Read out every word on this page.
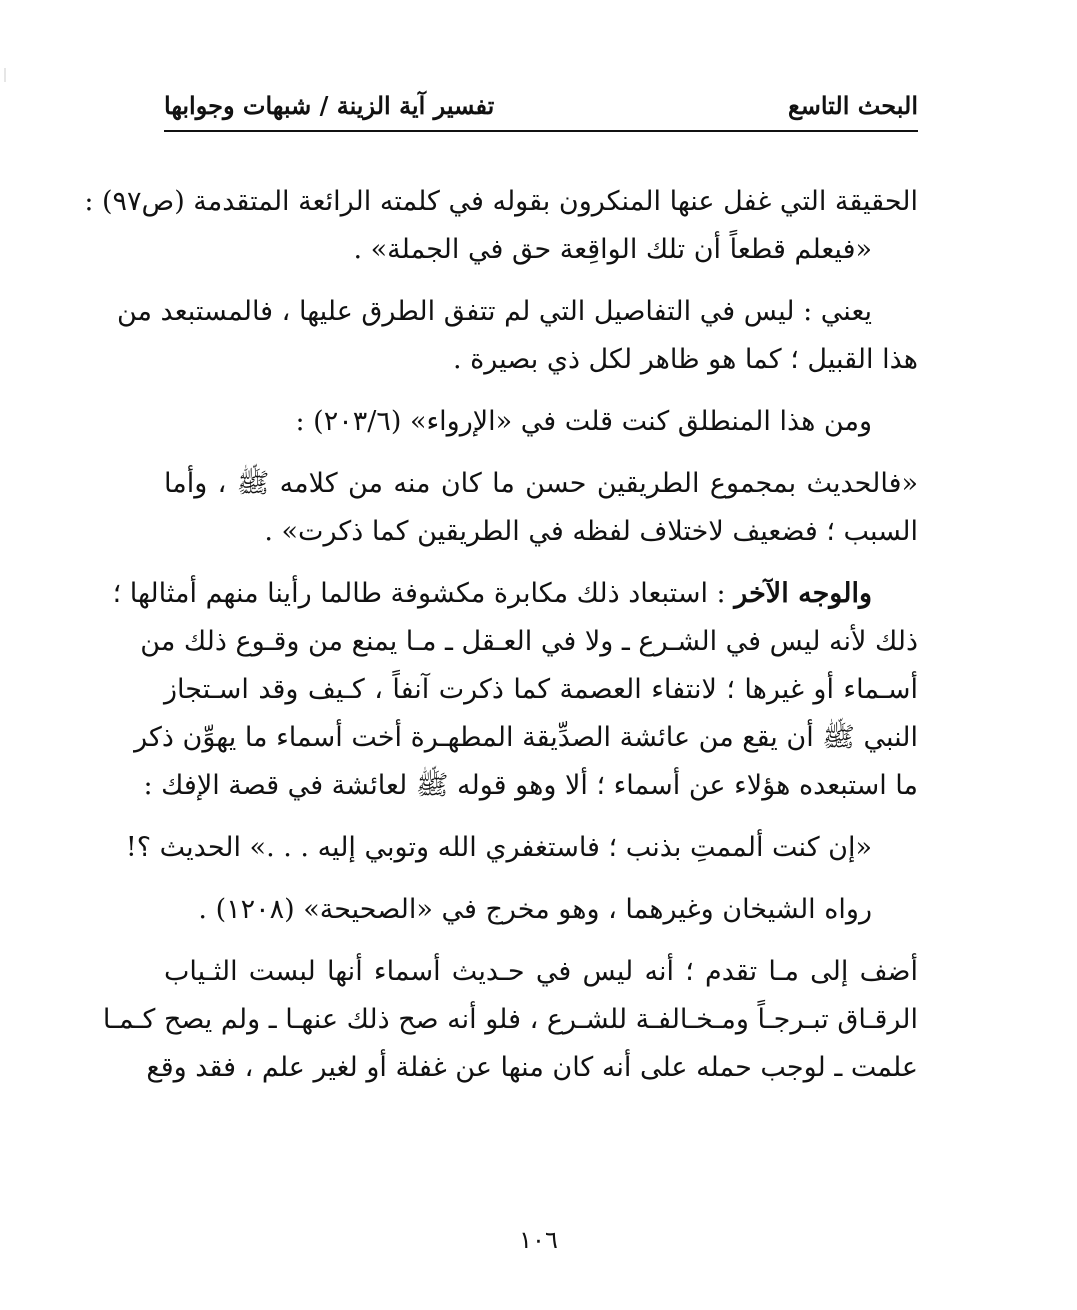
البحث التاسع
تفسير آية الزينة / شبهات وجوابها
الحقيقة التي غفل عنها المنكرون بقوله في كلمته الرائعة المتقدمة (ص٩٧) :
«فيعلم قطعاً أن تلك الواقِعة حق في الجملة» .
يعني : ليس في التفاصيل التي لم تتفق الطرق عليها ، فالمستبعد من
هذا القبيل ؛ كما هو ظاهر لكل ذي بصيرة .
ومن هذا المنطلق كنت قلت في «الإرواء» (٢٠٣/٦) :
«فالحديث بمجموع الطريقين حسن ما كان منه من كلامه ﷺ ، وأما
السبب ؛ فضعيف لاختلاف لفظه في الطريقين كما ذكرت» .
والوجه الآخر : استبعاد ذلك مكابرة مكشوفة طالما رأينا منهم أمثالها ؛
ذلك لأنه ليس في الشـرع ـ ولا في العـقل ـ مـا يمنع من وقـوع ذلك من
أسـماء أو غيرها ؛ لانتفاء العصمة كما ذكرت آنفاً ، كـيف وقد اسـتجاز
النبي ﷺ أن يقع من عائشة الصدِّيقة المطهـرة أخت أسماء ما يهوِّن ذكر
ما استبعده هؤلاء عن أسماء ؛ ألا وهو قوله ﷺ لعائشة في قصة الإفك :
«إن كنت ألممتِ بذنب ؛ فاستغفري الله وتوبي إليه . . .» الحديث ؟!
رواه الشيخان وغيرهما ، وهو مخرج في «الصحيحة» (١٢٠٨) .
أضف إلى مـا تقدم ؛ أنه ليس في حـديث أسماء أنها لبست الثـياب
الرقـاق تبـرجـاً ومـخـالفـة للشـرع ، فلو أنه صح ذلك عنهـا ـ ولم يصح كـمـا
علمت ـ لوجب حمله على أنه كان منها عن غفلة أو لغير علم ، فقد وقع
١٠٦
